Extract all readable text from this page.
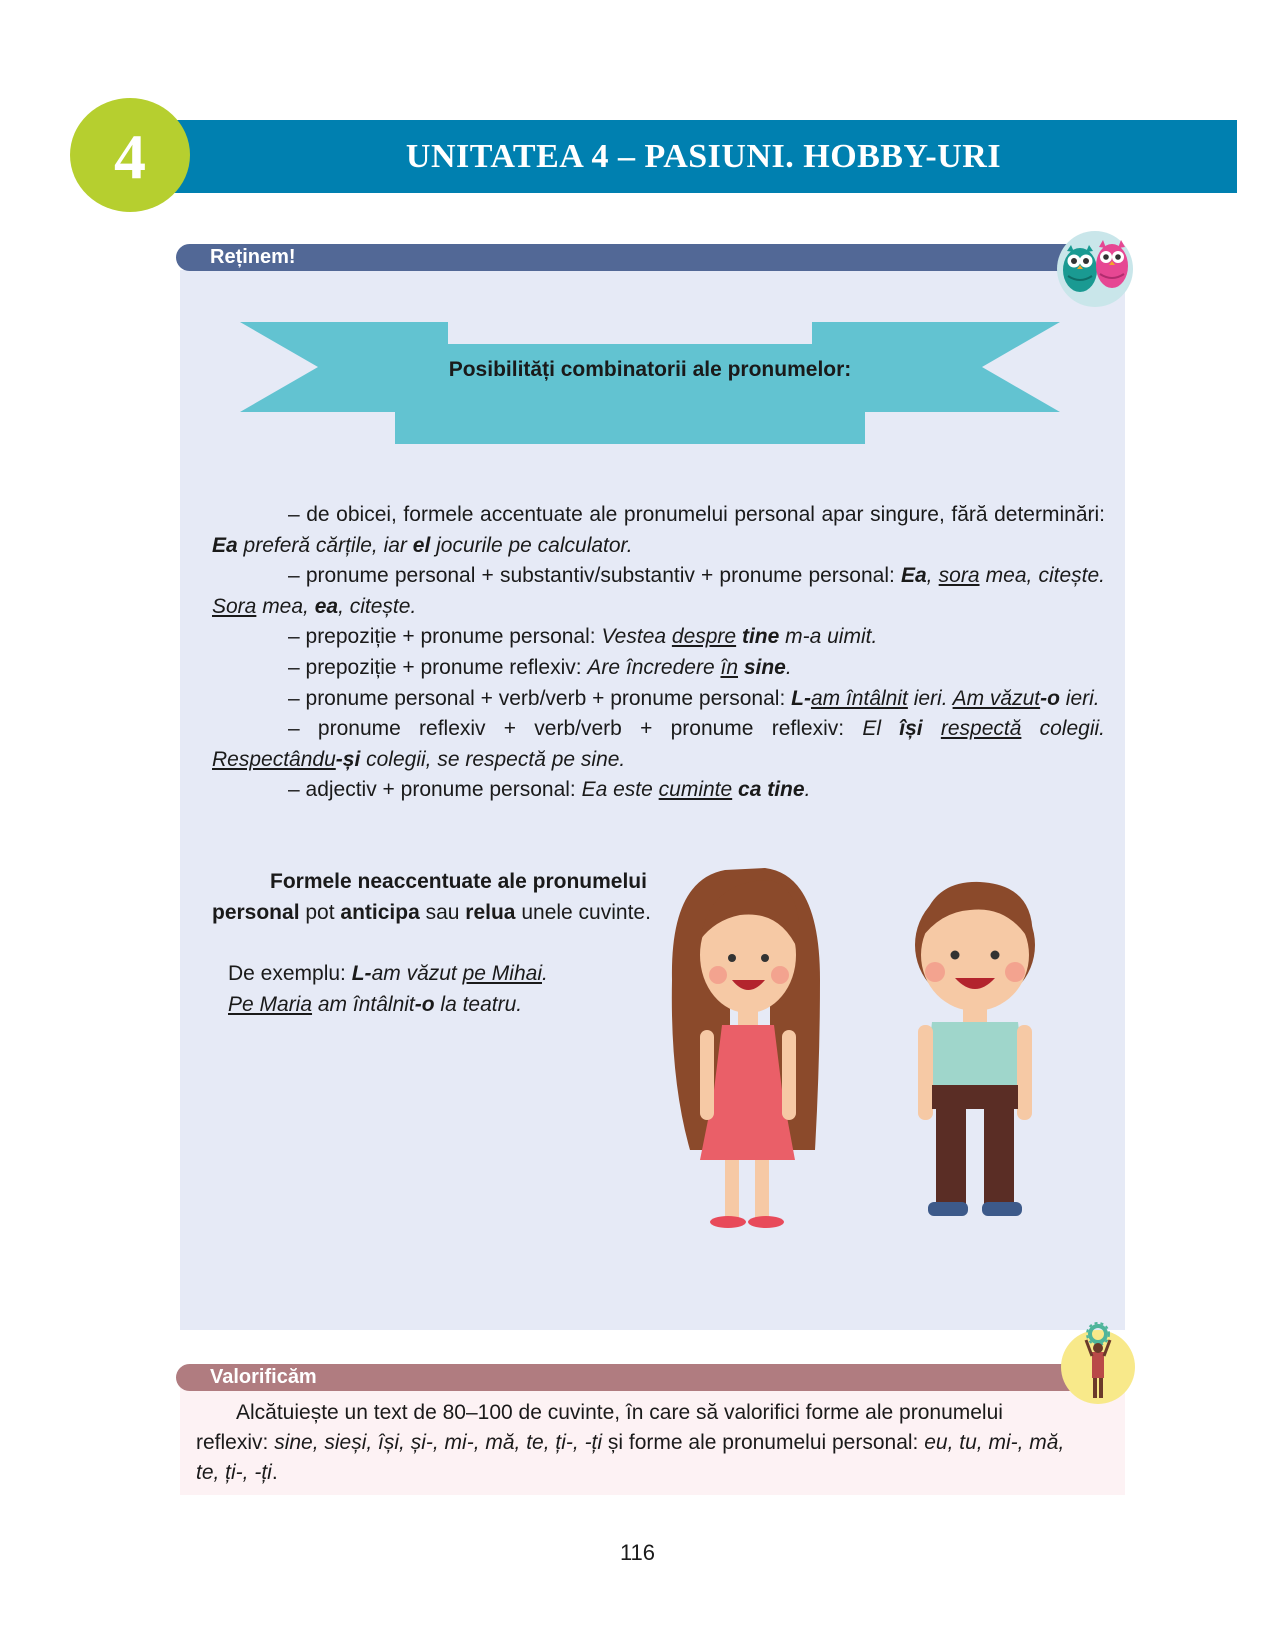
UNITATEA 4 – PASIUNI. HOBBY-URI
4
Reținem!
Posibilități combinatorii ale pronumelor:

– de obicei, formele accentuate ale pronumelui personal apar singure, fără determinări: Ea preferă cărțile, iar el jocurile pe calculator.

– pronume personal + substantiv/substantiv + pronume personal: Ea, sora mea, citește. Sora mea, ea, citește.

– prepoziție + pronume personal: Vestea despre tine m-a uimit.

– prepoziție + pronume reflexiv: Are încredere în sine.

– pronume personal + verb/verb + pronume personal: L-am întâlnit ieri. Am văzut-o ieri.

– pronume reflexiv + verb/verb + pronume reflexiv: El își respectă colegii. Respectându-și colegii, se respectă pe sine.

– adjectiv + pronume personal: Ea este cuminte ca tine.

Formele neaccentuate ale pronumelui personal pot anticipa sau relua unele cuvinte.

De exemplu: L-am văzut pe Mihai.

Pe Maria am întâlnit-o la teatru.

Valorificăm

Alcătuiește un text de 80–100 de cuvinte, în care să valorifici forme ale pronumelui reflexiv: sine, sieși, își, și-, mi-, mă, te, ți-, -ți și forme ale pronumelui personal: eu, tu, mi-, mă, te, ți-, -ți.

116
